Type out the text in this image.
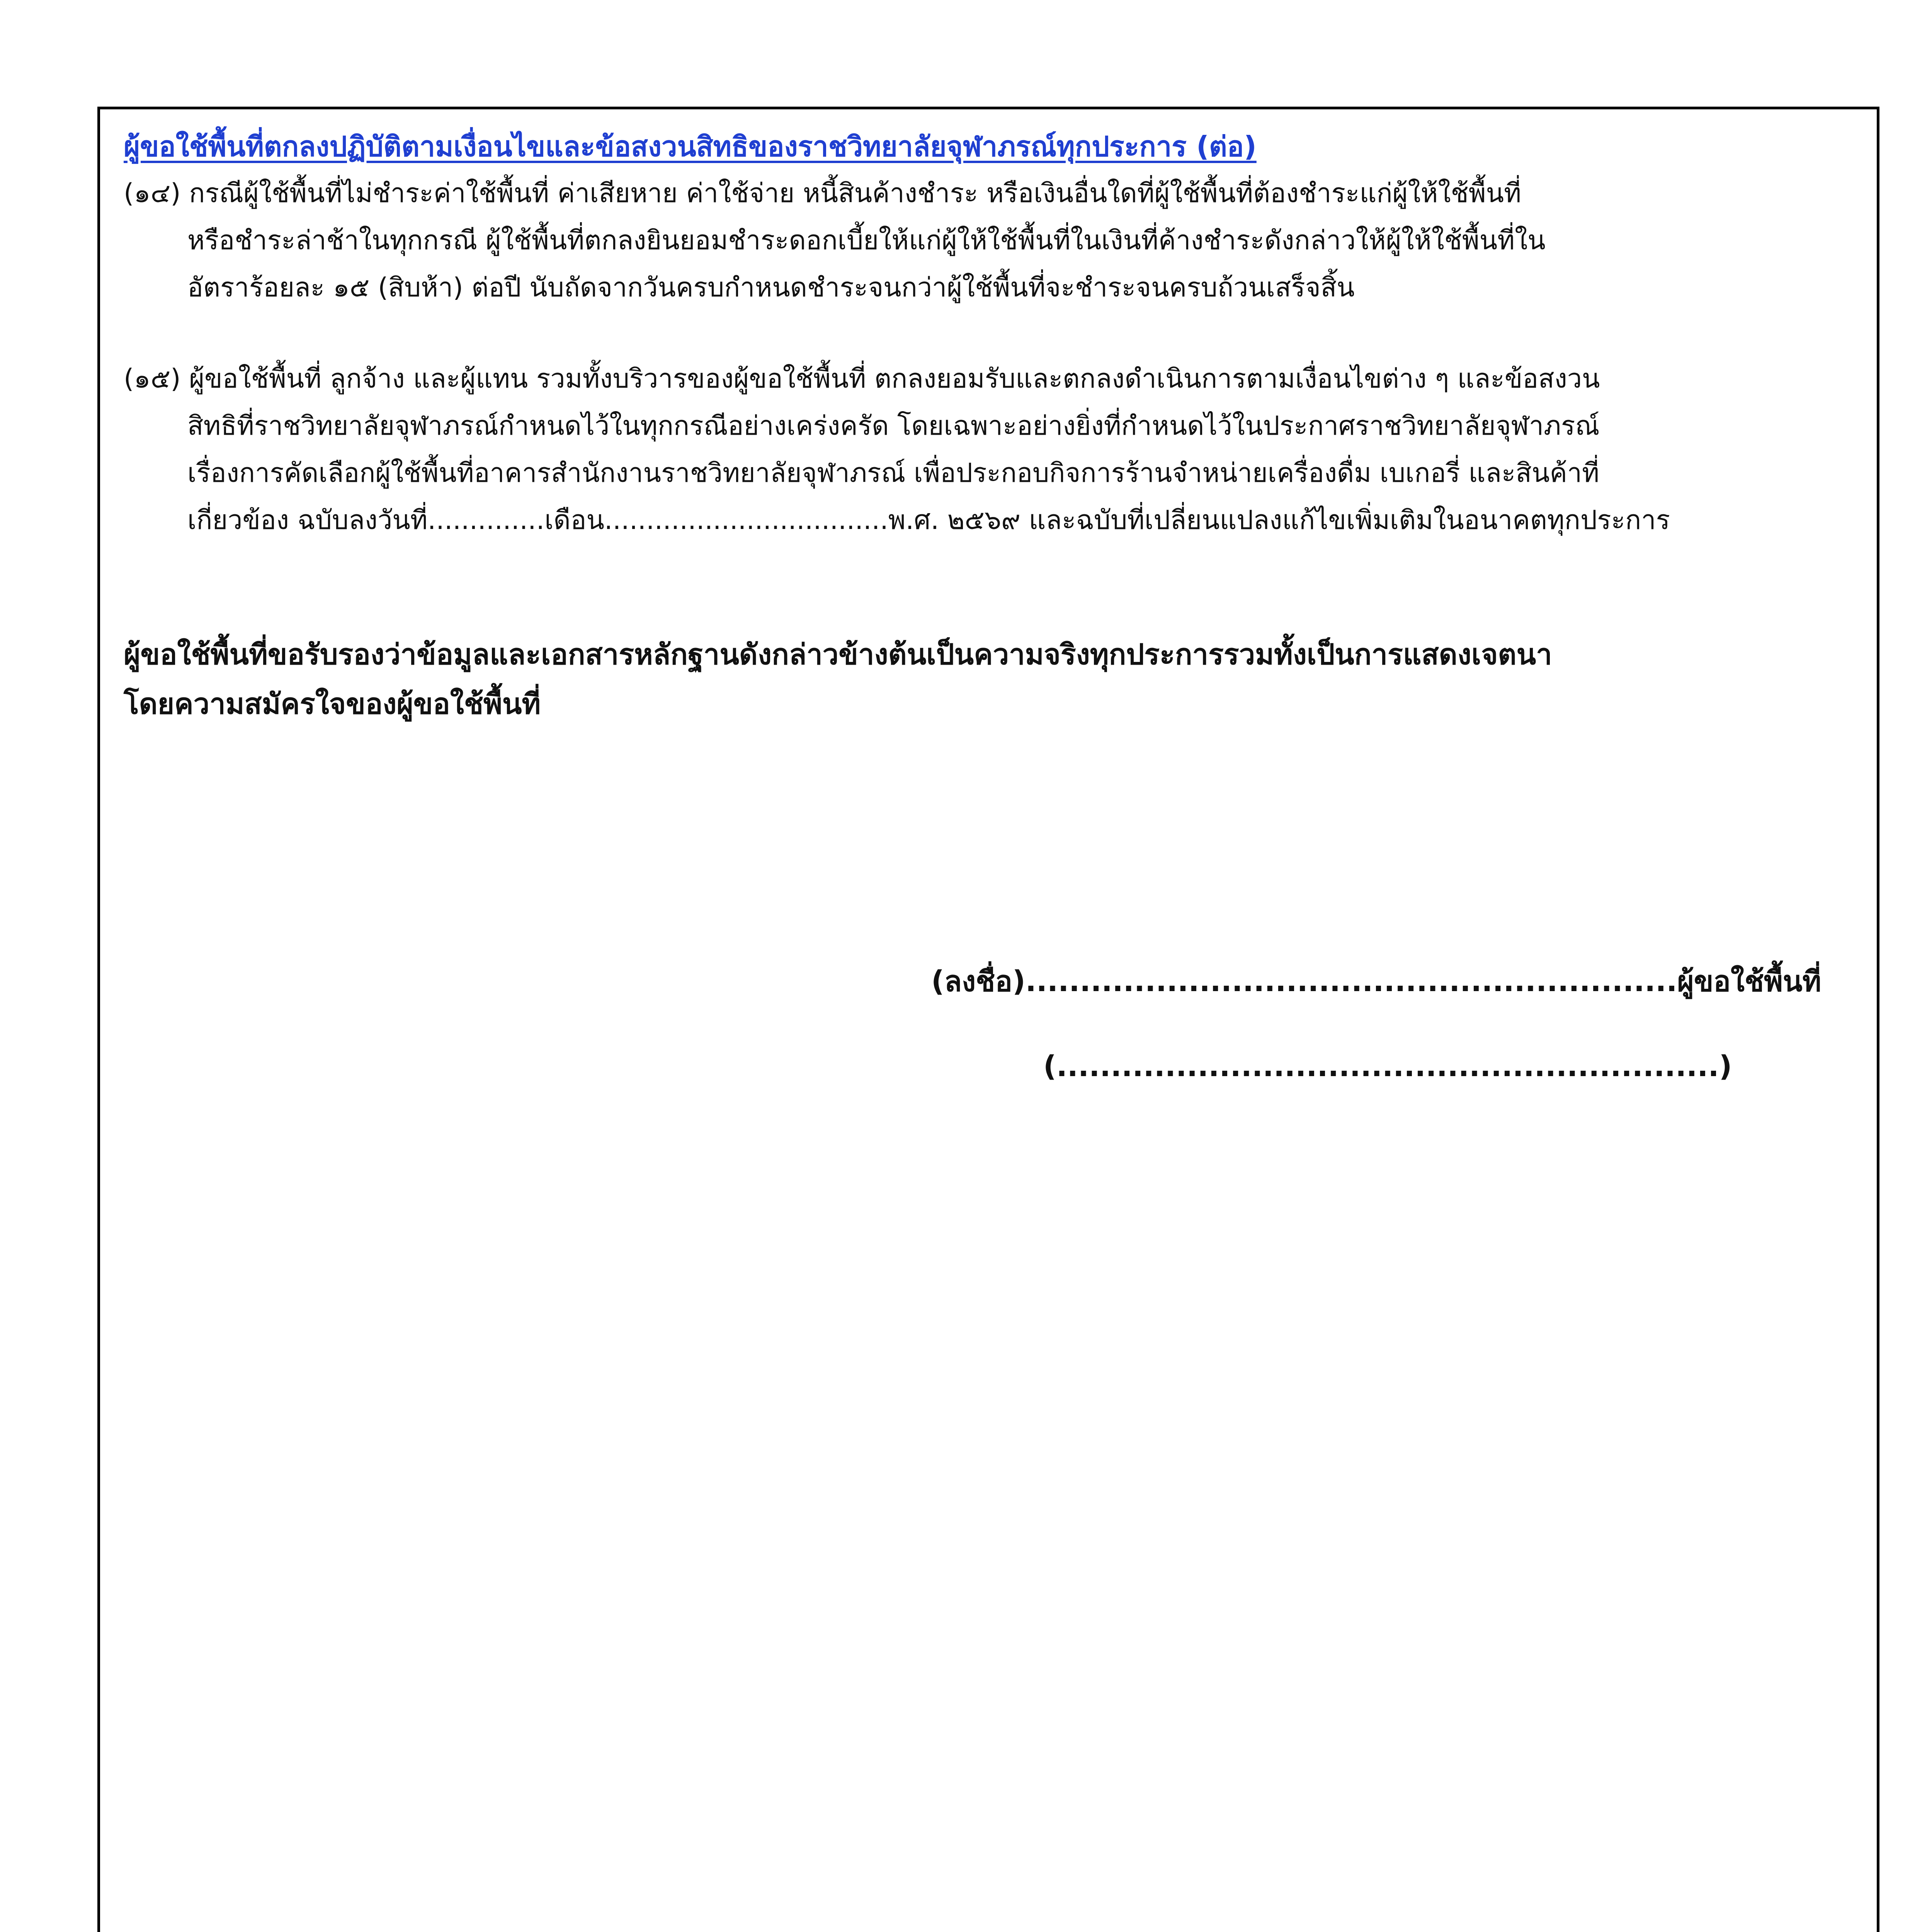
ผู้ขอใช้พื้นที่ตกลงปฏิบัติตามเงื่อนไขและข้อสงวนสิทธิของราชวิทยาลัยจุฬาภรณ์ทุกประการ (ต่อ)
(๑๔) กรณีผู้ใช้พื้นที่ไม่ชำระค่าใช้พื้นที่ ค่าเสียหาย ค่าใช้จ่าย หนี้สินค้างชำระ หรือเงินอื่นใดที่ผู้ใช้พื้นที่ต้องชำระแก่ผู้ให้ใช้พื้นที่
หรือชำระล่าช้าในทุกกรณี ผู้ใช้พื้นที่ตกลงยินยอมชำระดอกเบี้ยให้แก่ผู้ให้ใช้พื้นที่ในเงินที่ค้างชำระดังกล่าวให้ผู้ให้ใช้พื้นที่ใน
อัตราร้อยละ ๑๕ (สิบห้า) ต่อปี นับถัดจากวันครบกำหนดชำระจนกว่าผู้ใช้พื้นที่จะชำระจนครบถ้วนเสร็จสิ้น
(๑๕) ผู้ขอใช้พื้นที่ ลูกจ้าง และผู้แทน รวมทั้งบริวารของผู้ขอใช้พื้นที่ ตกลงยอมรับและตกลงดำเนินการตามเงื่อนไขต่าง ๆ และข้อสงวน
สิทธิที่ราชวิทยาลัยจุฬาภรณ์กำหนดไว้ในทุกกรณีอย่างเคร่งครัด โดยเฉพาะอย่างยิ่งที่กำหนดไว้ในประกาศราชวิทยาลัยจุฬาภรณ์
เรื่องการคัดเลือกผู้ใช้พื้นที่อาคารสำนักงานราชวิทยาลัยจุฬาภรณ์ เพื่อประกอบกิจการร้านจำหน่ายเครื่องดื่ม เบเกอรี่ และสินค้าที่
เกี่ยวข้อง ฉบับลงวันที่..............เดือน..................................พ.ศ. ๒๕๖๙ และฉบับที่เปลี่ยนแปลงแก้ไขเพิ่มเติมในอนาคตทุกประการ
ผู้ขอใช้พื้นที่ขอรับรองว่าข้อมูลและเอกสารหลักฐานดังกล่าวข้างต้นเป็นความจริงทุกประการรวมทั้งเป็นการแสดงเจตนา
โดยความสมัครใจของผู้ขอใช้พื้นที่
(ลงชื่อ)............................................................ผู้ขอใช้พื้นที่
(.............................................................)
